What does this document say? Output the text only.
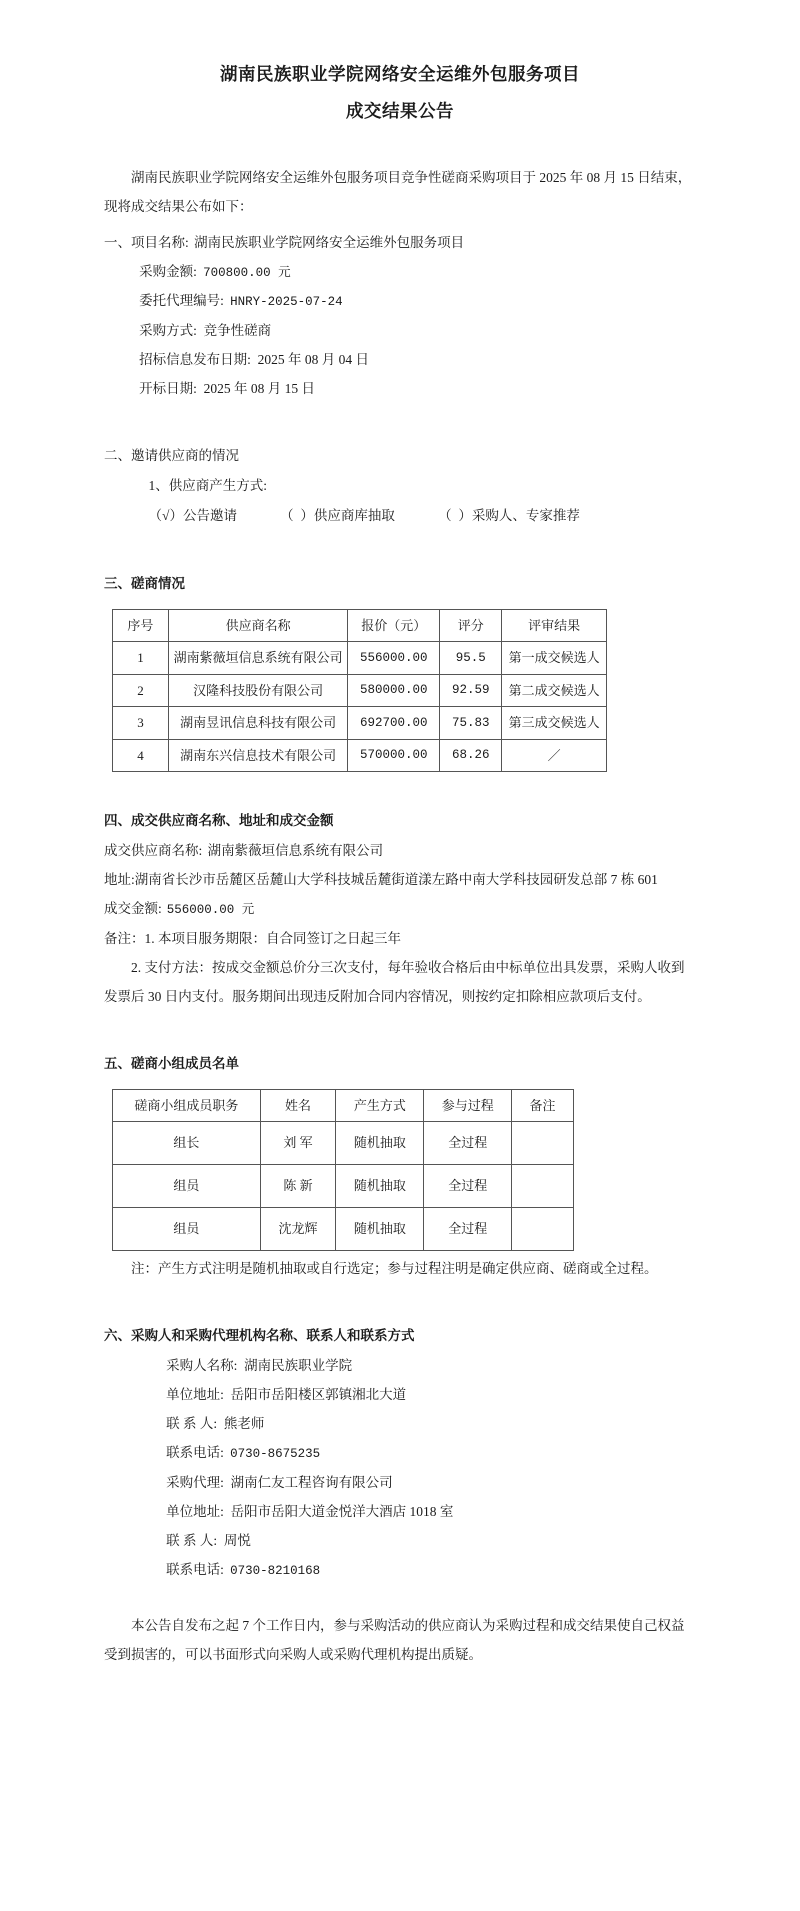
湖南民族职业学院网络安全运维外包服务项目
成交结果公告

湖南民族职业学院网络安全运维外包服务项目竞争性磋商采购项目于 2025 年 08 月 15 日结束，现将成交结果公布如下：

一、项目名称: 湖南民族职业学院网络安全运维外包服务项目
采购金额: 700800.00 元
委托代理编号: HNRY-2025-07-24
采购方式: 竞争性磋商
招标信息发布日期: 2025 年 08 月 04 日
开标日期: 2025 年 08 月 15 日

二、邀请供应商的情况

1、供应商产生方式:

（√）公告邀请	（ ）供应商库抽取	（ ）采购人、专家推荐

三、磋商情况

序号	供应商名称	报价（元）	评分	评审结果
1	湖南紫薇垣信息系统有限公司	556000.00	95.5	第一成交候选人
2	汉隆科技股份有限公司	580000.00	92.59	第二成交候选人
3	湖南昱讯信息科技有限公司	692700.00	75.83	第三成交候选人
4	湖南东兴信息技术有限公司	570000.00	68.26	／

四、成交供应商名称、地址和成交金额

成交供应商名称: 湖南紫薇垣信息系统有限公司

地址:湖南省长沙市岳麓区岳麓山大学科技城岳麓街道漾左路中南大学科技园研发总部 7 栋 601

成交金额: 556000.00 元

备注：1. 本项目服务期限：自合同签订之日起三年

2. 支付方法：按成交金额总价分三次支付，每年验收合格后由中标单位出具发票，采购人收到发票后 30 日内支付。服务期间出现违反附加合同内容情况，则按约定扣除相应款项后支付。

五、磋商小组成员名单

磋商小组成员职务	姓名	产生方式	参与过程	备注
组长	刘 军	随机抽取	全过程	
组员	陈 新	随机抽取	全过程	
组员	沈龙辉	随机抽取	全过程	

注：产生方式注明是随机抽取或自行选定；参与过程注明是确定供应商、磋商或全过程。

六、采购人和采购代理机构名称、联系人和联系方式

采购人名称: 湖南民族职业学院
单位地址: 岳阳市岳阳楼区郭镇湘北大道
联 系 人: 熊老师
联系电话: 0730-8675235
采购代理: 湖南仁友工程咨询有限公司
单位地址: 岳阳市岳阳大道金悦洋大酒店 1018 室
联 系 人: 周悦
联系电话: 0730-8210168

本公告自发布之起 7 个工作日内，参与采购活动的供应商认为采购过程和成交结果使自己权益受到损害的，可以书面形式向采购人或采购代理机构提出质疑。
